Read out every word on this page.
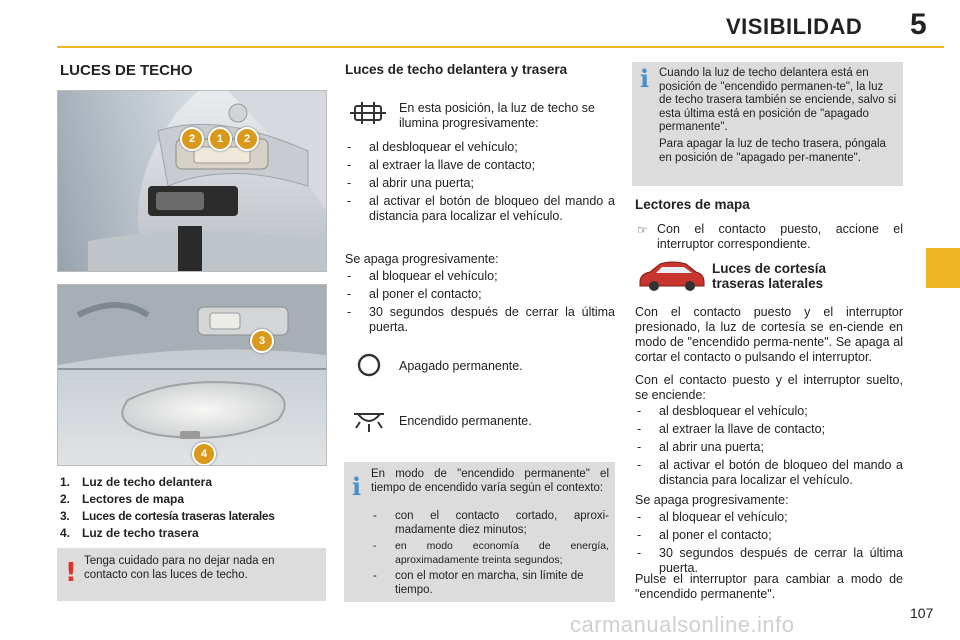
VISIBILIDAD 5
LUCES DE TECHO
2	1	2
3
4
1. Luz de techo delantera
2. Lectores de mapa
3. Luces de cortesía traseras laterales
4. Luz de techo trasera
! Tenga cuidado para no dejar nada en contacto con las luces de techo.
Luces de techo delantera y trasera
En esta posición, la luz de techo se ilumina progresivamente:
- al desbloquear el vehículo;
- al extraer la llave de contacto;
- al abrir una puerta;
- al activar el botón de bloqueo del mando a distancia para localizar el vehículo.
Se apaga progresivamente:
- al bloquear el vehículo;
- al poner el contacto;
- 30 segundos después de cerrar la última puerta.
Apagado permanente.
Encendido permanente.
i En modo de "encendido permanente" el tiempo de encendido varía según el contexto:
- con el contacto cortado, aproxi-madamente diez minutos;
- en modo economía de energía, aproximadamente treinta segundos;
- con el motor en marcha, sin límite de tiempo.
i Cuando la luz de techo delantera está en posición de "encendido permanen-te", la luz de techo trasera también se enciende, salvo si esta última está en posición de "apagado permanente".
Para apagar la luz de techo trasera, póngala en posición de "apagado per-manente".
Lectores de mapa
☞ Con el contacto puesto, accione el interruptor correspondiente.
Luces de cortesía
traseras laterales
Con el contacto puesto y el interruptor presionado, la luz de cortesía se en-ciende en modo de "encendido perma-nente". Se apaga al cortar el contacto o pulsando el interruptor.
Con el contacto puesto y el interruptor suelto, se enciende:
- al desbloquear el vehículo;
- al extraer la llave de contacto;
- al abrir una puerta;
- al activar el botón de bloqueo del mando a distancia para localizar el vehículo.
Se apaga progresivamente:
- al bloquear el vehículo;
- al poner el contacto;
- 30 segundos después de cerrar la última puerta.
Pulse el interruptor para cambiar a modo de "encendido permanente".
carmanualsonline.info	107
